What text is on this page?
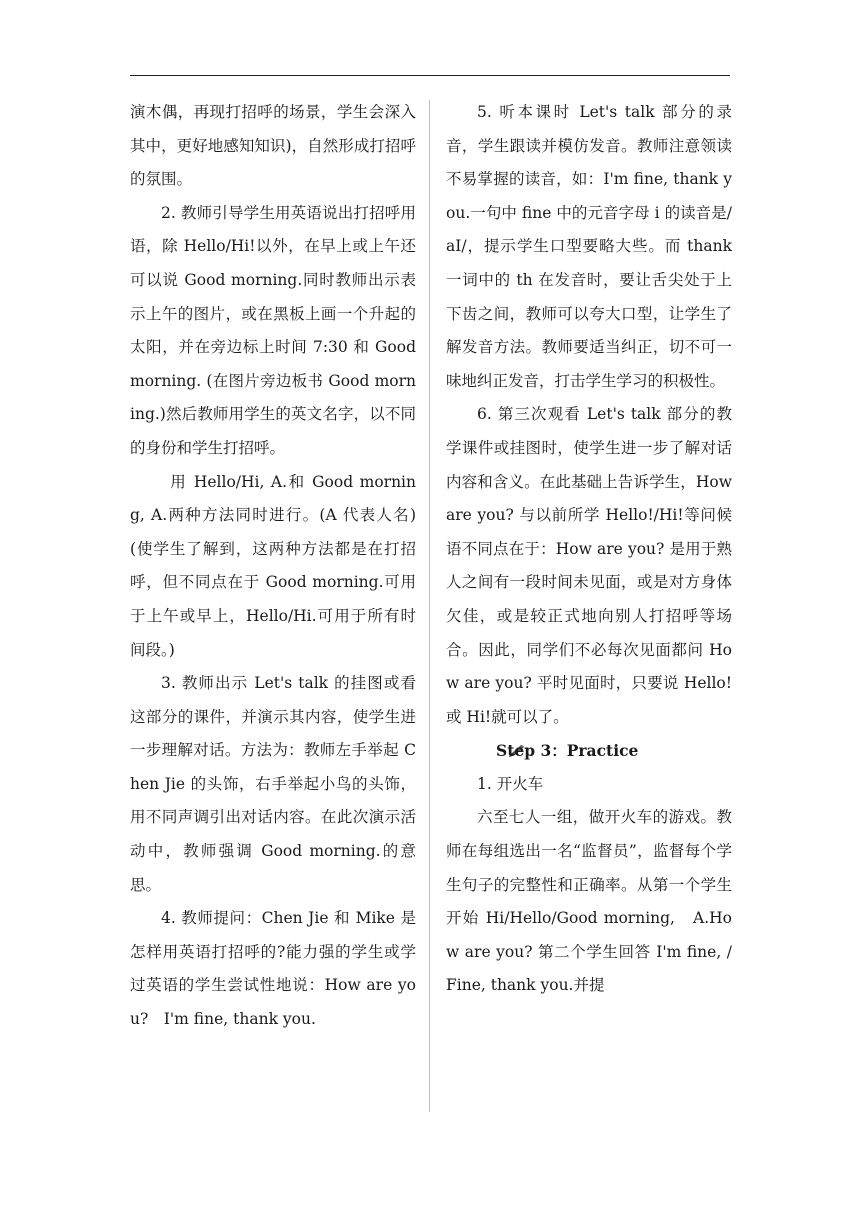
演木偶，再现打招呼的场景，学生会深入其中，更好地感知知识)，自然形成打招呼的氛围。

2. 教师引导学生用英语说出打招呼用语，除 Hello/Hi!以外，在早上或上午还可以说 Good morning.同时教师出示表示上午的图片，或在黑板上画一个升起的太阳，并在旁边标上时间 7:30 和 Good morning. (在图片旁边板书 Good morning.)然后教师用学生的英文名字，以不同的身份和学生打招呼。

用 Hello/Hi, A.和 Good morning, A.两种方法同时进行。(A 代表人名)(使学生了解到，这两种方法都是在打招呼，但不同点在于 Good morning.可用于上午或早上，Hello/Hi.可用于所有时间段。)

3. 教师出示 Let's talk 的挂图或看这部分的课件，并演示其内容，使学生进一步理解对话。方法为：教师左手举起 Chen Jie 的头饰，右手举起小鸟的头饰，用不同声调引出对话内容。在此次演示活动中，教师强调 Good morning.的意思。

4. 教师提问：Chen Jie 和 Mike 是怎样用英语打招呼的?能力强的学生或学过英语的学生尝试性地说：How are you?　I'm fine, thank you.

5. 听本课时 Let's talk 部分的录音，学生跟读并模仿发音。教师注意领读不易掌握的读音，如：I'm fine, thank you.一句中 fine 中的元音字母 i 的读音是/aI/，提示学生口型要略大些。而 thank 一词中的 th 在发音时，要让舌尖处于上下齿之间，教师可以夸大口型，让学生了解发音方法。教师要适当纠正，切不可一味地纠正发音，打击学生学习的积极性。

6. 第三次观看 Let's talk 部分的教学课件或挂图时，使学生进一步了解对话内容和含义。在此基础上告诉学生，How are you? 与以前所学 Hello!/Hi!等问候语不同点在于：How are you? 是用于熟人之间有一段时间未见面，或是对方身体欠佳，或是较正式地向别人打招呼等场合。因此，同学们不必每次见面都问 How are you? 平时见面时，只要说 Hello!或 Hi!就可以了。

Step 3：Practice

1. 开火车

六至七人一组，做开火车的游戏。教师在每组选出一名“监督员”，监督每个学生句子的完整性和正确率。从第一个学生开始 Hi/Hello/Good morning,　A.How are you? 第二个学生回答 I'm fine, /Fine, thank you.并提
